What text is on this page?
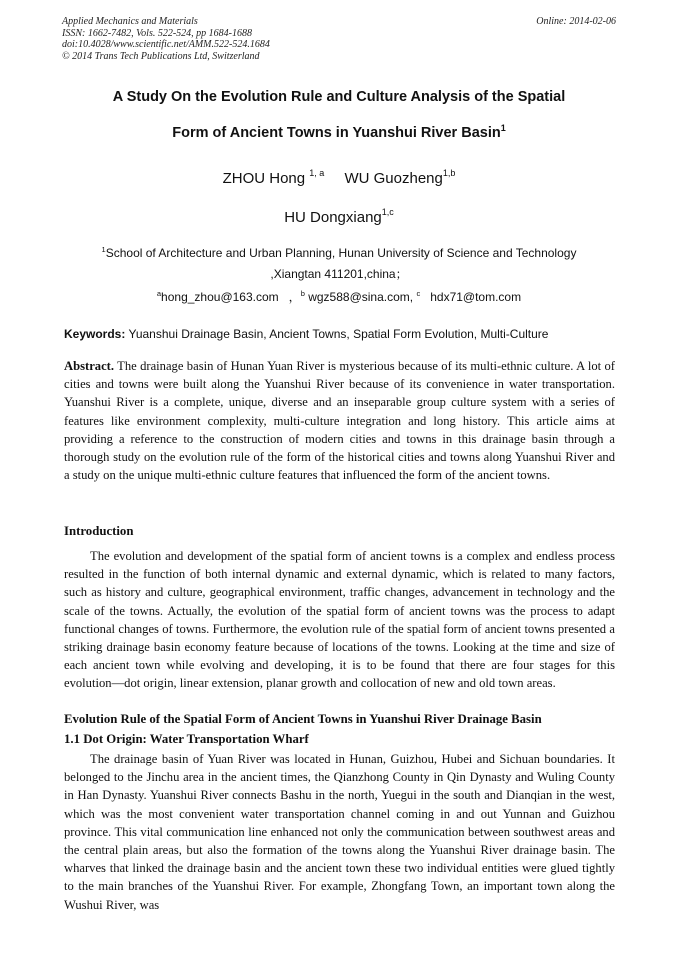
Applied Mechanics and Materials
ISSN: 1662-7482, Vols. 522-524, pp 1684-1688
doi:10.4028/www.scientific.net/AMM.522-524.1684
© 2014 Trans Tech Publications Ltd, Switzerland
Online: 2014-02-06
A Study On the Evolution Rule and Culture Analysis of the Spatial
Form of Ancient Towns in Yuanshui River Basin$^1$
ZHOU Hong $^{1, a}$ WU Guozheng$^{1,b}$
HU Dongxiang$^{1,c}$
$^1$School of Architecture and Urban Planning, Hunan University of Science and Technology
,Xiangtan 411201,china；
$^a$hong_zhou@163.com ，$^b$ wgz588@sina.com, $^c$ hdx71@tom.com
Keywords: Yuanshui Drainage Basin, Ancient Towns, Spatial Form Evolution, Multi-Culture

Abstract. The drainage basin of Hunan Yuan River is mysterious because of its multi-ethnic culture. A lot of cities and towns were built along the Yuanshui River because of its convenience in water transportation. Yuanshui River is a complete, unique, diverse and an inseparable group culture system with a series of features like environment complexity, multi-culture integration and long history. This article aims at providing a reference to the construction of modern cities and towns in this drainage basin through a thorough study on the evolution rule of the form of the historical cities and towns along Yuanshui River and a study on the unique multi-ethnic culture features that influenced the form of the ancient towns.

Introduction

The evolution and development of the spatial form of ancient towns is a complex and endless process resulted in the function of both internal dynamic and external dynamic, which is related to many factors, such as history and culture, geographical environment, traffic changes, advancement in technology and the scale of the towns. Actually, the evolution of the spatial form of ancient towns was the process to adapt functional changes of towns. Furthermore, the evolution rule of the spatial form of ancient towns presented a striking drainage basin economy feature because of locations of the towns. Looking at the time and size of each ancient town while evolving and developing, it is to be found that there are four stages for this evolution—dot origin, linear extension, planar growth and collocation of new and old town areas.

Evolution Rule of the Spatial Form of Ancient Towns in Yuanshui River Drainage Basin
1.1 Dot Origin: Water Transportation Wharf

The drainage basin of Yuan River was located in Hunan, Guizhou, Hubei and Sichuan boundaries. It belonged to the Jinchu area in the ancient times, the Qianzhong County in Qin Dynasty and Wuling County in Han Dynasty. Yuanshui River connects Bashu in the north, Yuegui in the south and Dianqian in the west, which was the most convenient water transportation channel coming in and out Yunnan and Guizhou province. This vital communication line enhanced not only the communication between southwest areas and the central plain areas, but also the formation of the towns along the Yuanshui River drainage basin. The wharves that linked the drainage basin and the ancient town these two individual entities were glued tightly to the main branches of the Yuanshui River. For example, Zhongfang Town, an important town along the Wushui River, was
